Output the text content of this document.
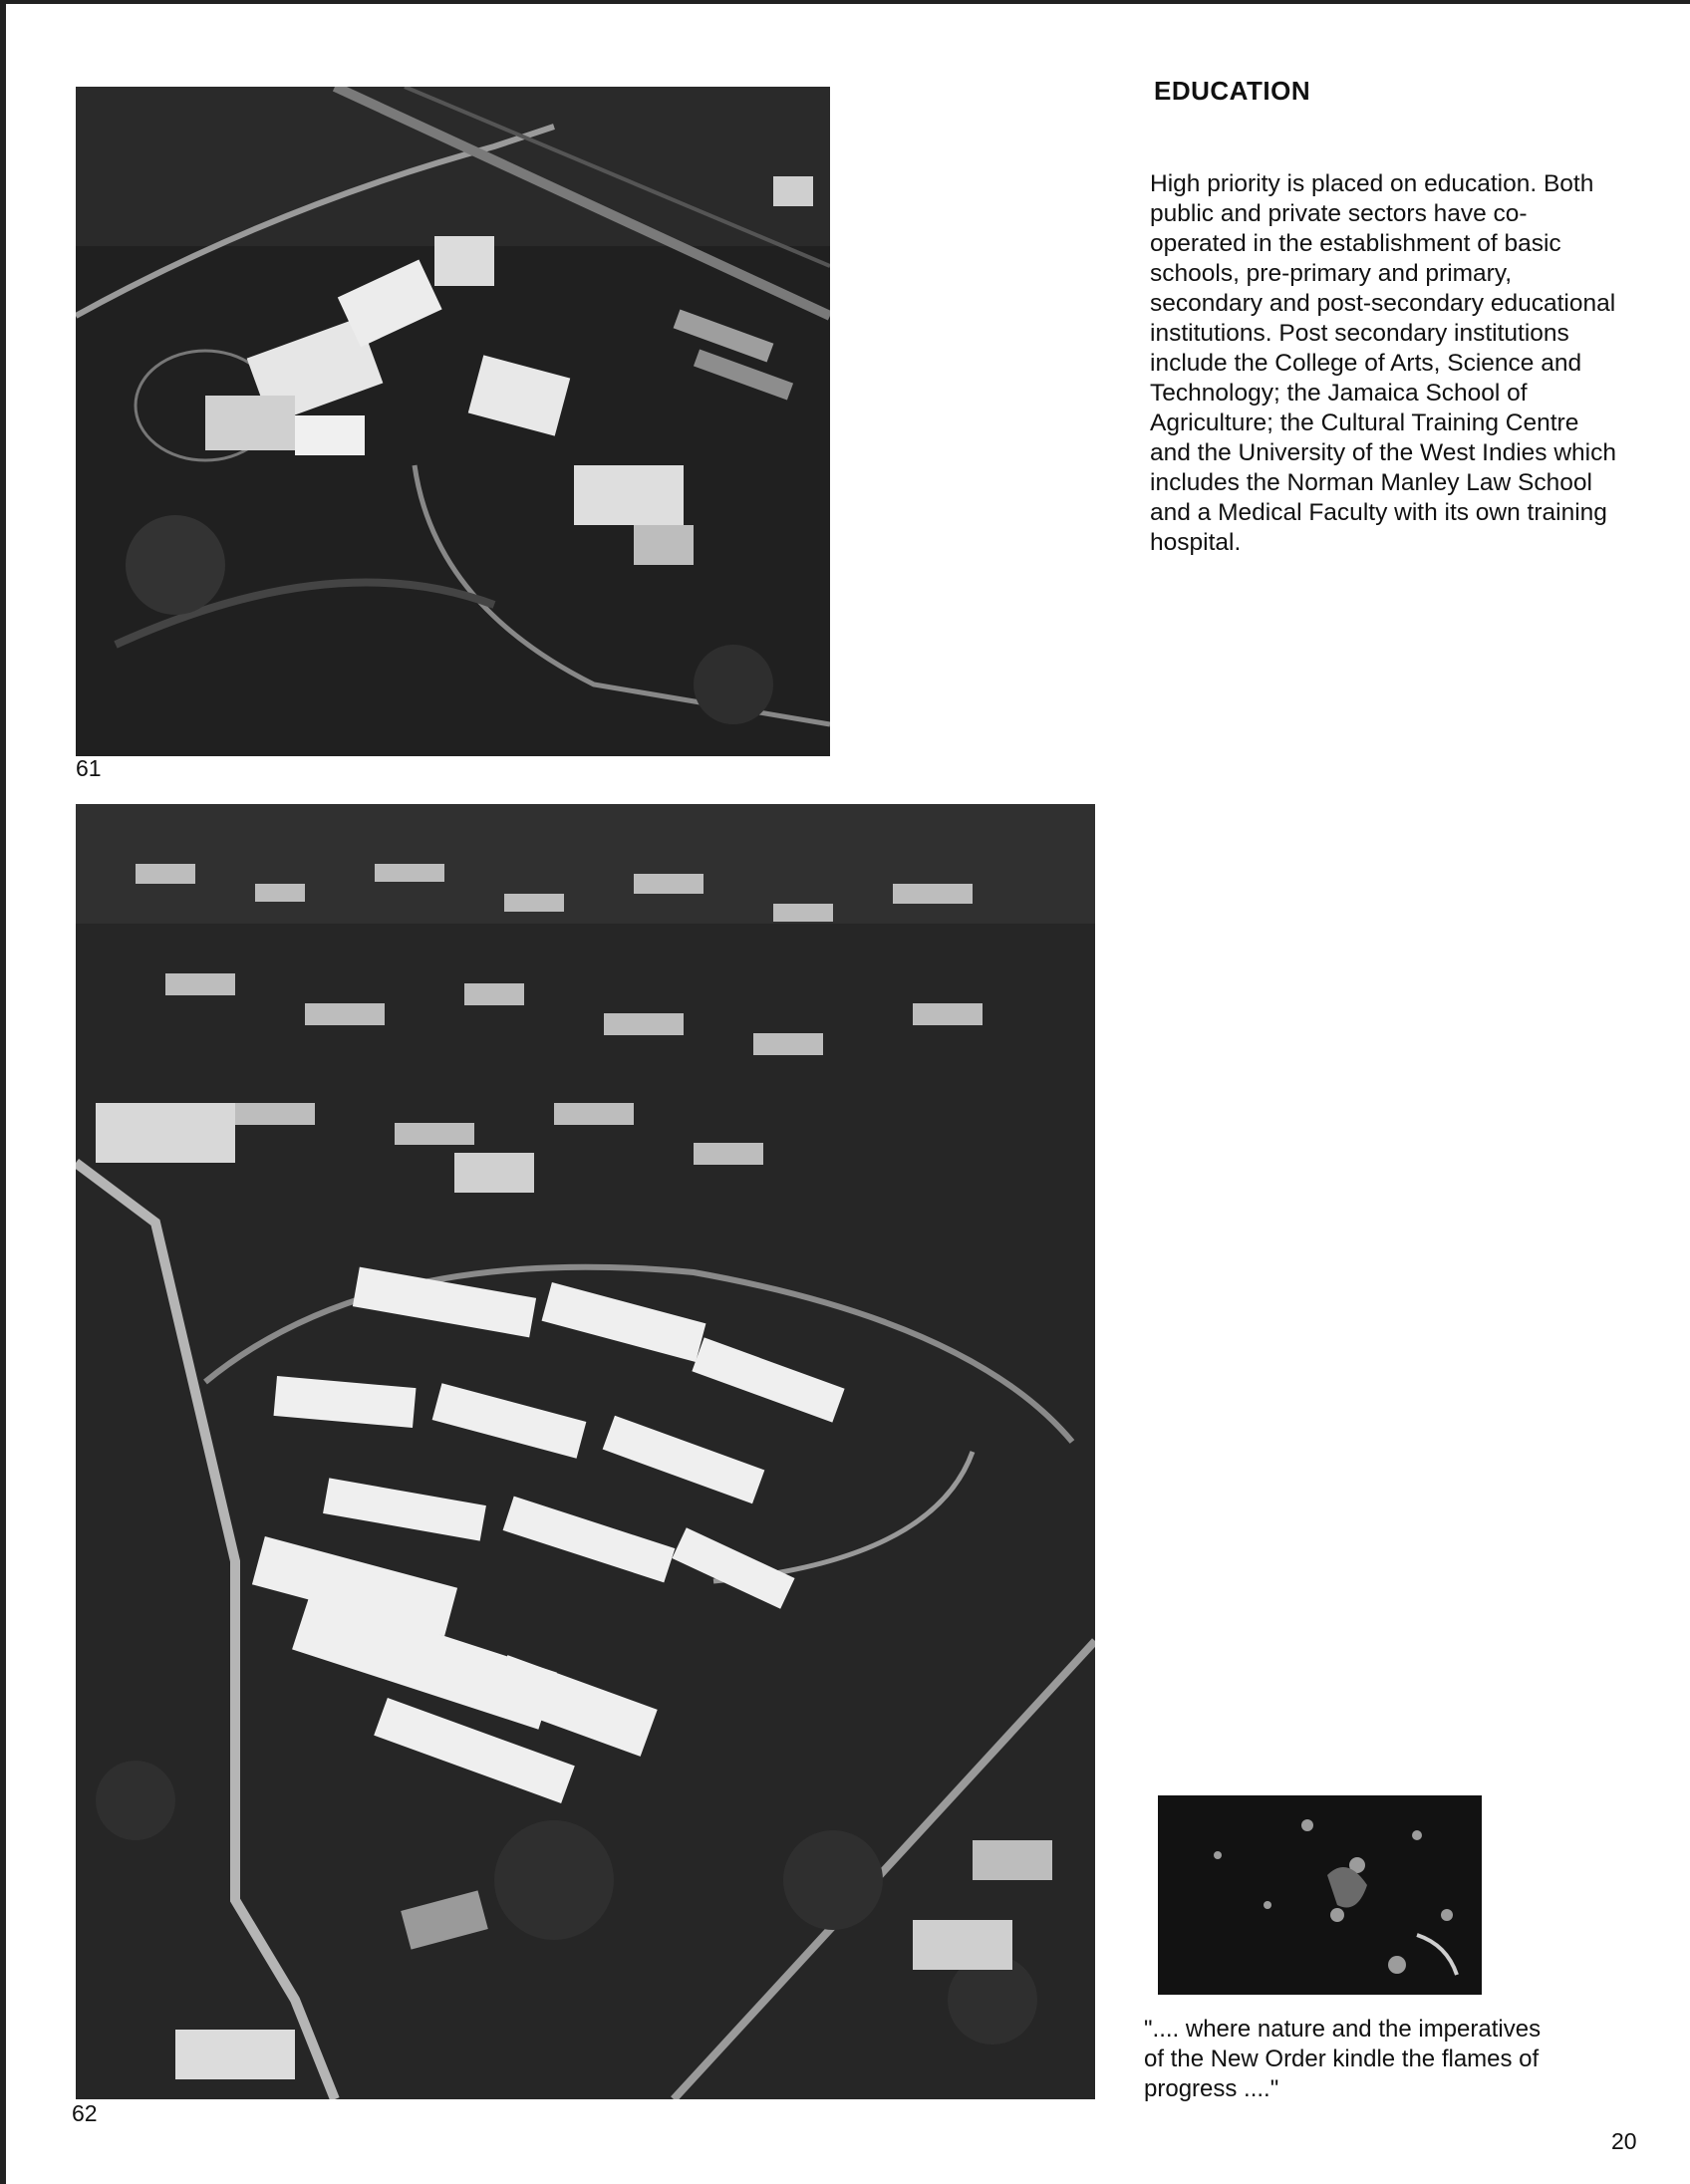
61
62
EDUCATION

High priority is placed on education. Both public and private sectors have co-operated in the establishment of basic schools, pre-primary and primary, secondary and post-secondary educational institutions. Post secondary institutions include the College of Arts, Science and Technology; the Jamaica School of Agriculture; the Cultural Training Centre and the University of the West Indies which includes the Norman Manley Law School and a Medical Faculty with its own training hospital.

".... where nature and the imperatives of the New Order kindle the flames of progress ...."

20
